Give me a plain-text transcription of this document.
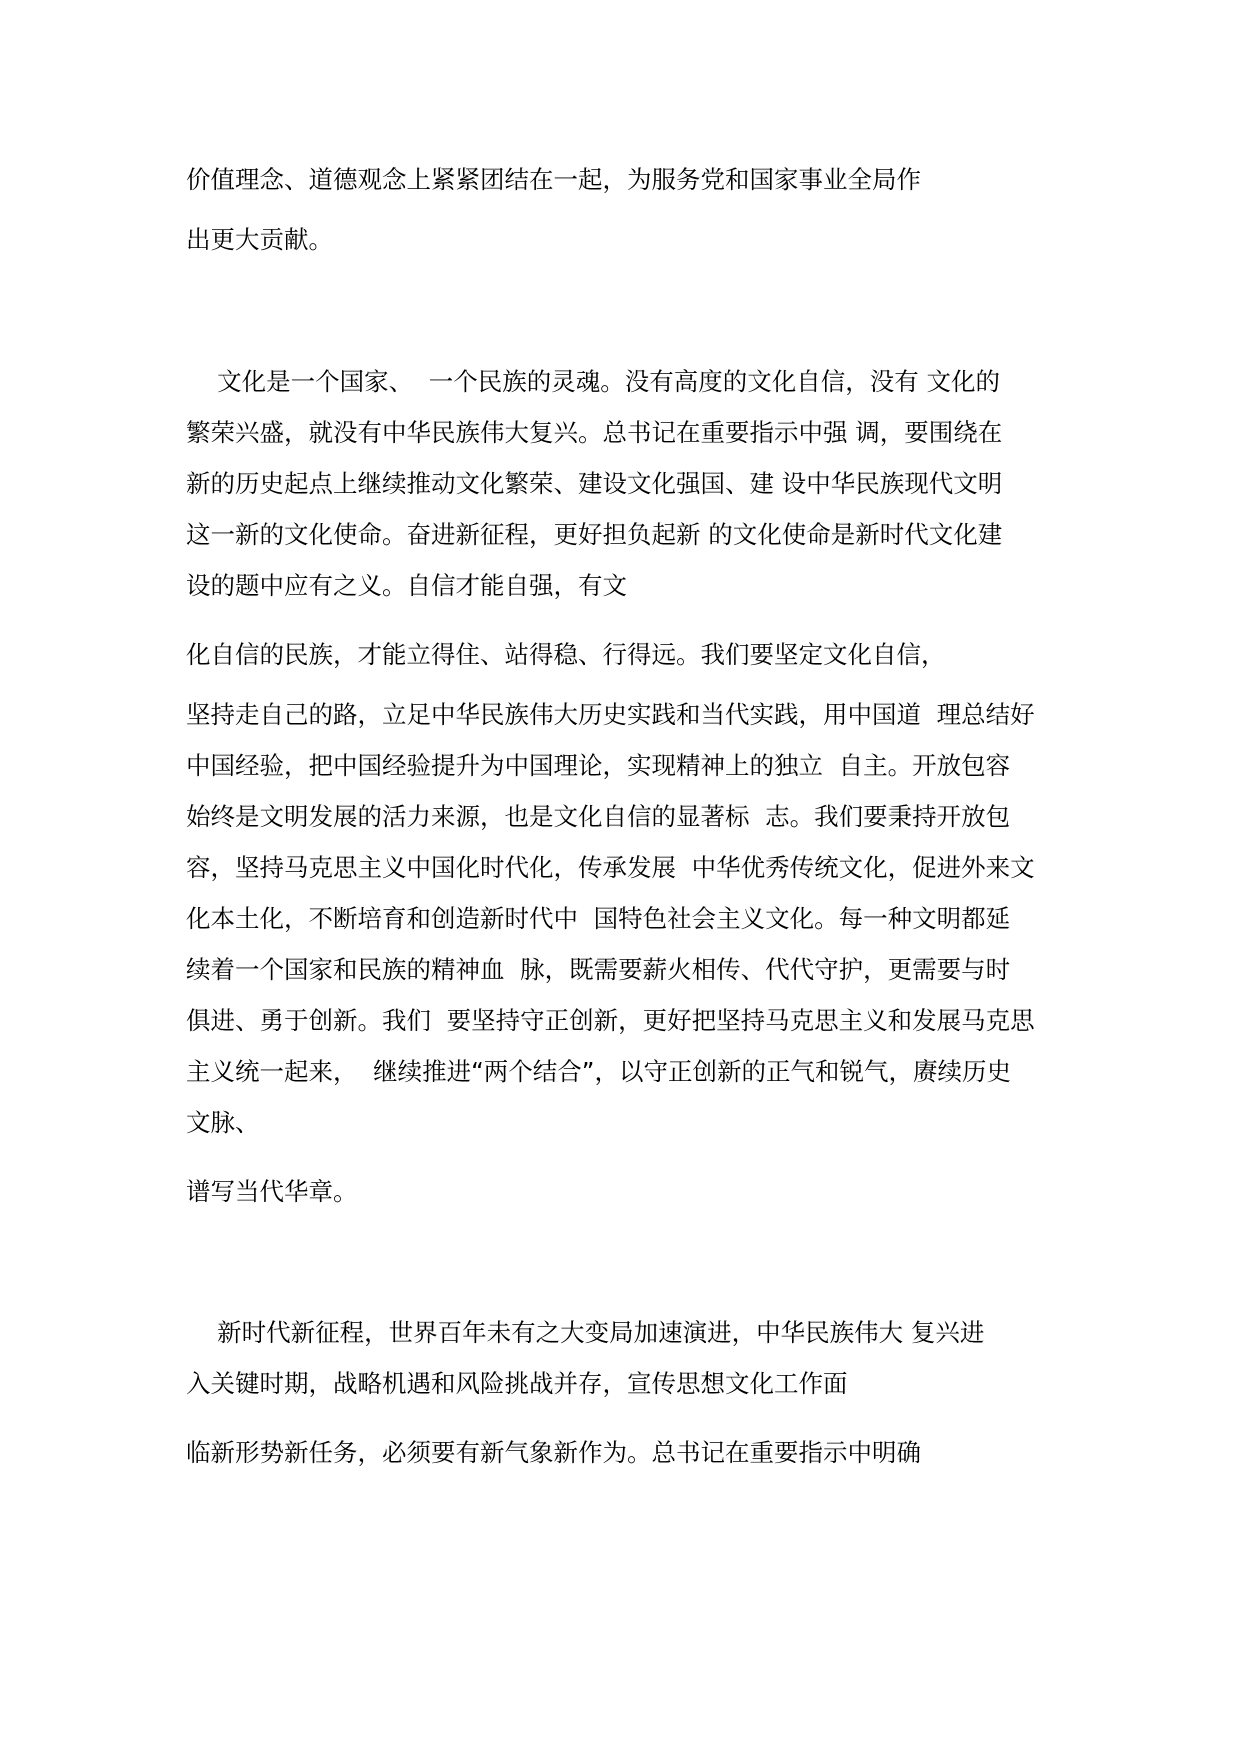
价值理念、道德观念上紧紧团结在一起，为服务党和国家事业全局作
出更大贡献。
文化是一个国家、  一个民族的灵魂。没有高度的文化自信，没有 文化的
繁荣兴盛，就没有中华民族伟大复兴。总书记在重要指示中强 调，要围绕在
新的历史起点上继续推动文化繁荣、建设文化强国、建 设中华民族现代文明
这一新的文化使命。奋进新征程，更好担负起新 的文化使命是新时代文化建
设的题中应有之义。自信才能自强，有文
化自信的民族，才能立得住、站得稳、行得远。我们要坚定文化自信，
坚持走自己的路，立足中华民族伟大历史实践和当代实践，用中国道  理总结好
中国经验，把中国经验提升为中国理论，实现精神上的独立  自主。开放包容
始终是文明发展的活力来源，也是文化自信的显著标  志。我们要秉持开放包
容，坚持马克思主义中国化时代化，传承发展  中华优秀传统文化，促进外来文
化本土化，不断培育和创造新时代中  国特色社会主义文化。每一种文明都延
续着一个国家和民族的精神血  脉，既需要薪火相传、代代守护，更需要与时
俱进、勇于创新。我们  要坚持守正创新，更好把坚持马克思主义和发展马克思
主义统一起来，  继续推进“两个结合”，以守正创新的正气和锐气，赓续历史
文脉、
谱写当代华章。
新时代新征程，世界百年未有之大变局加速演进，中华民族伟大 复兴进
入关键时期，战略机遇和风险挑战并存，宣传思想文化工作面
临新形势新任务，必须要有新气象新作为。总书记在重要指示中明确
